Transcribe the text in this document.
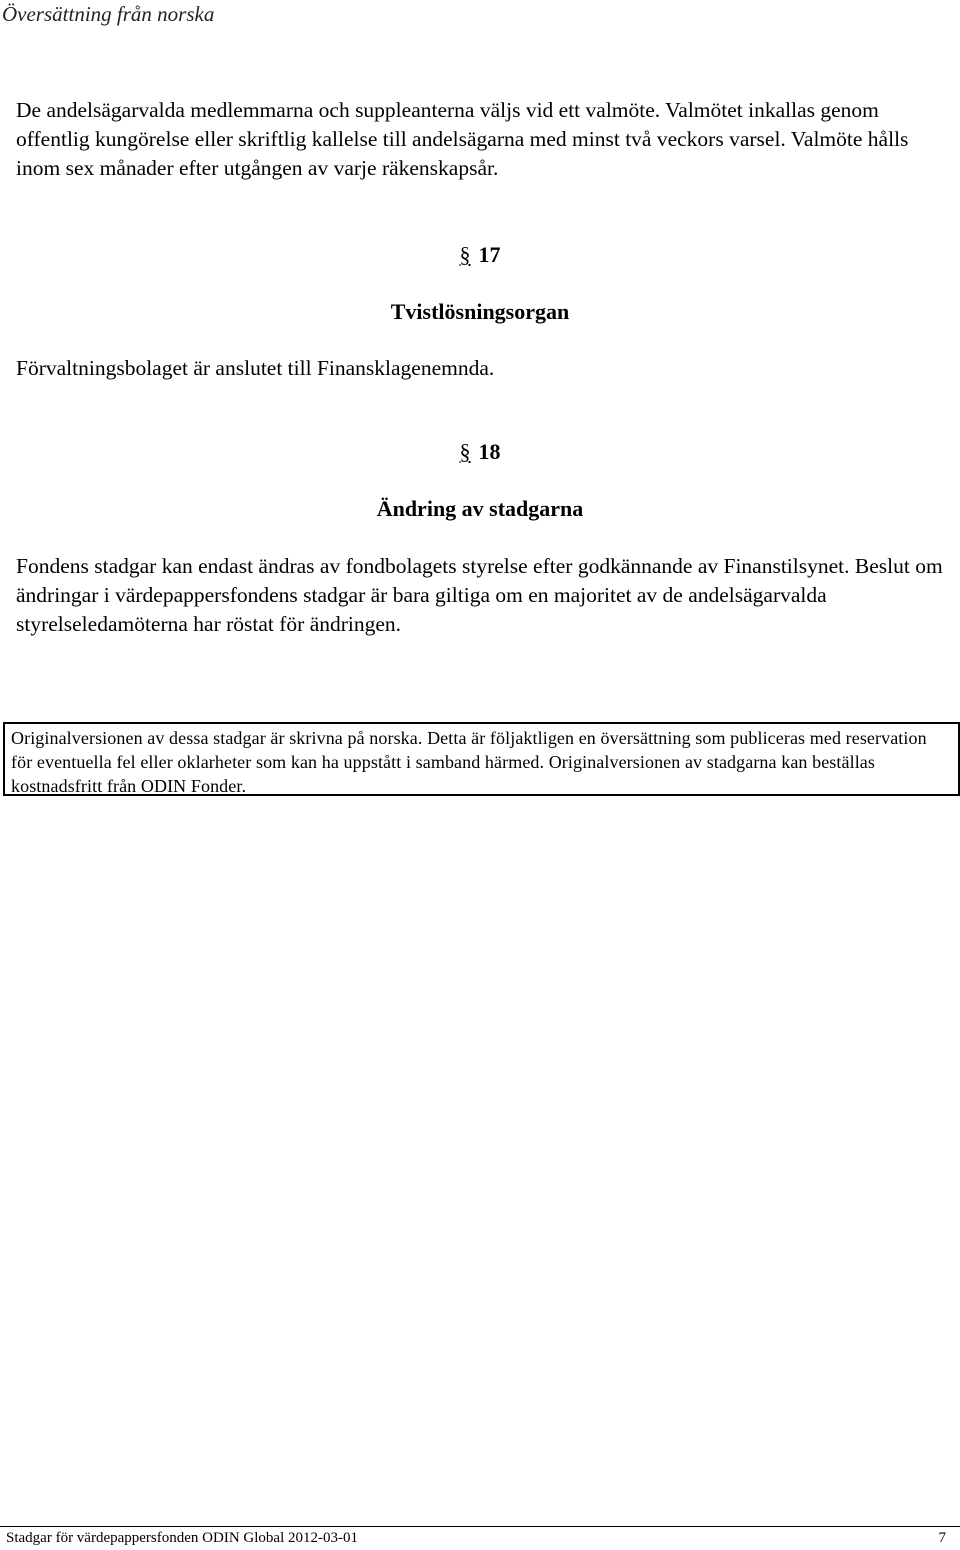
Översättning från norska

De andelsägarvalda medlemmarna och suppleanterna väljs vid ett valmöte. Valmötet inkallas genom offentlig kungörelse eller skriftlig kallelse till andelsägarna med minst två veckors varsel. Valmöte hålls inom sex månader efter utgången av varje räkenskapsår.

§ 17
Tvistlösningsorgan

Förvaltningsbolaget är anslutet till Finansklagenemnda.

§ 18
Ändring av stadgarna

Fondens stadgar kan endast ändras av fondbolagets styrelse efter godkännande av Finanstilsynet. Beslut om ändringar i värdepappersfondens stadgar är bara giltiga om en majoritet av de andelsägarvalda styrelseledamöterna har röstat för ändringen.

Originalversionen av dessa stadgar är skrivna på norska. Detta är följaktligen en översättning som publiceras med reservation för eventuella fel eller oklarheter som kan ha uppstått i samband härmed. Originalversionen av stadgarna kan beställas kostnadsfritt från ODIN Fonder.
Stadgar för värdepappersfonden ODIN Global 2012-03-01	7
